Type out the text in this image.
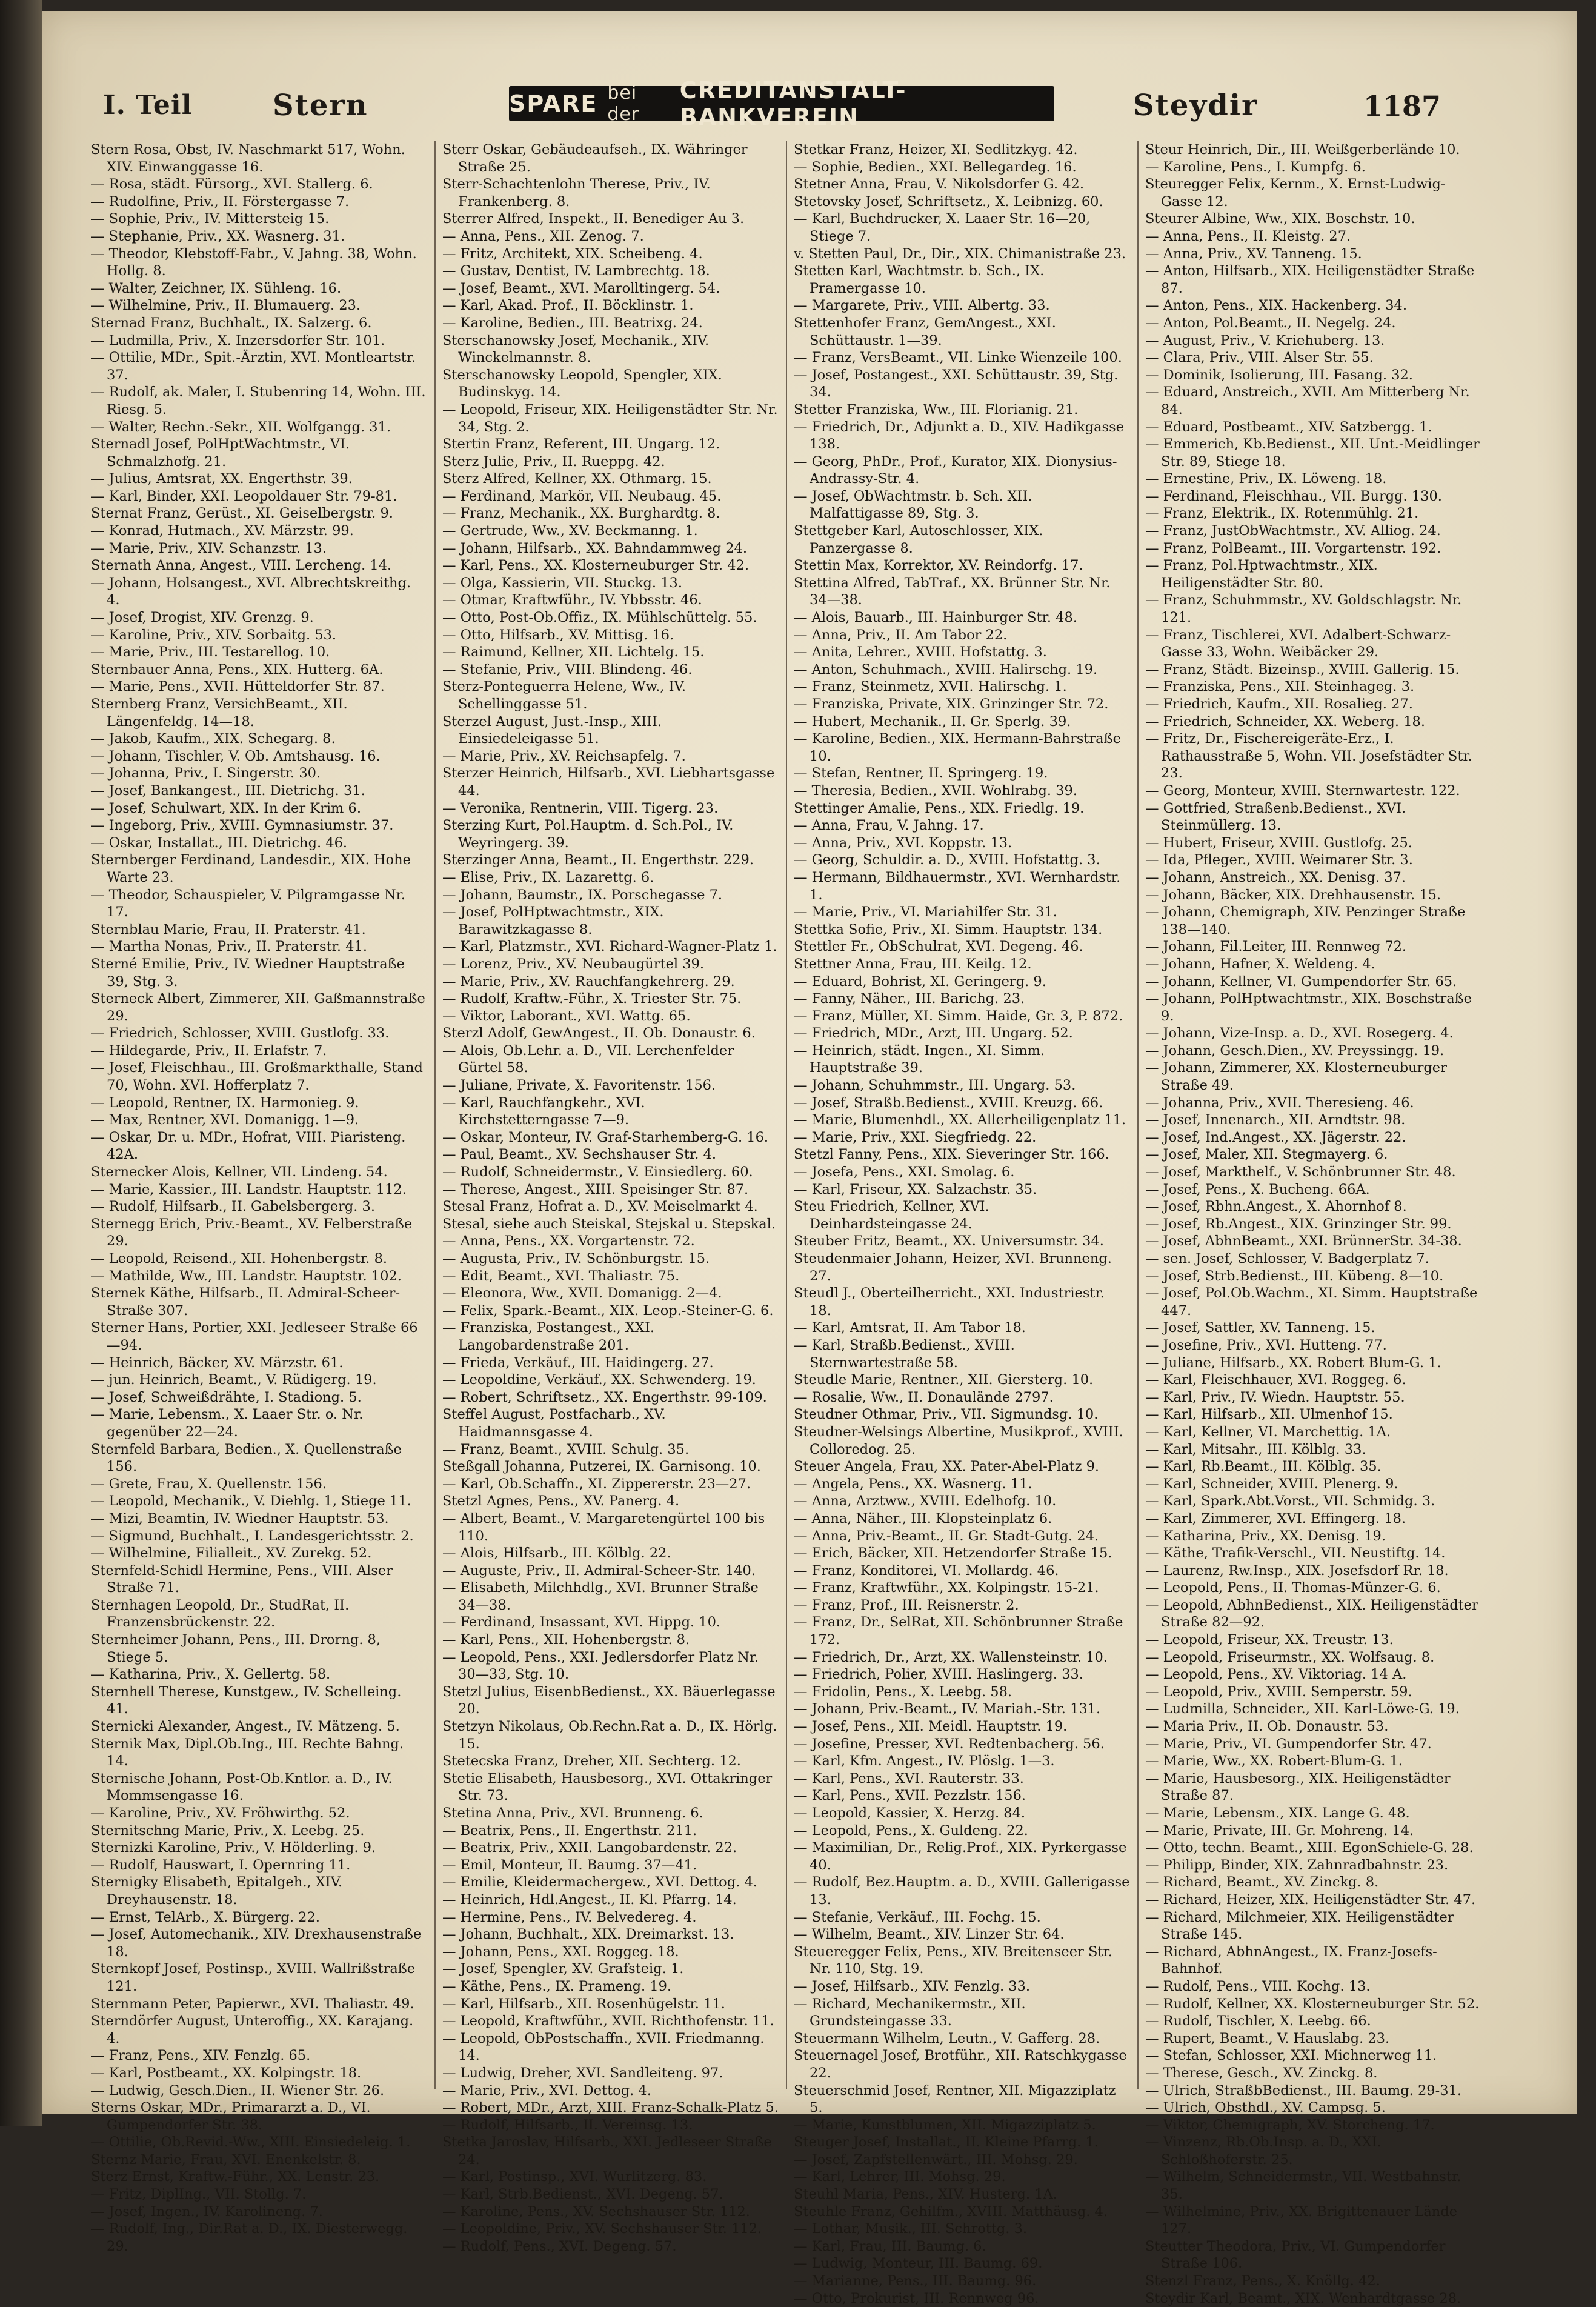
I. Teil	Stern	SPARE bei der
CREDITANSTALT-BANKVEREIN	Steydir	1187

Stern Rosa, Obst, IV. Naschmarkt 517, Wohn. XIV. Einwanggasse 16.

— Rosa, städt. Fürsorg., XVI. Stallerg. 6.

— Rudolfine, Priv., II. Förstergasse 7.

— Sophie, Priv., IV. Mittersteig 15.

— Stephanie, Priv., XX. Wasnerg. 31.

— Theodor, Klebstoff-Fabr., V. Jahng. 38, Wohn. Hollg. 8.

— Walter, Zeichner, IX. Sühleng. 16.

— Wilhelmine, Priv., II. Blumauerg. 23.

Sternad Franz, Buchhalt., IX. Salzerg. 6.

— Ludmilla, Priv., X. Inzersdorfer Str. 101.

— Ottilie, MDr., Spit.-Ärztin, XVI. Montleartstr. 37.

— Rudolf, ak. Maler, I. Stubenring 14, Wohn. III. Riesg. 5.

— Walter, Rechn.-Sekr., XII. Wolfgangg. 31.

Sternadl Josef, PolHptWachtmstr., VI. Schmalzhofg. 21.

— Julius, Amtsrat, XX. Engerthstr. 39.

— Karl, Binder, XXI. Leopoldauer Str. 79-81.

Sternat Franz, Gerüst., XI. Geiselbergstr. 9.

— Konrad, Hutmach., XV. Märzstr. 99.

— Marie, Priv., XIV. Schanzstr. 13.

Sternath Anna, Angest., VIII. Lercheng. 14.

— Johann, Holsangest., XVI. Albrechtskreithg. 4.

— Josef, Drogist, XIV. Grenzg. 9.

— Karoline, Priv., XIV. Sorbaitg. 53.

— Marie, Priv., III. Testarellog. 10.

Sternbauer Anna, Pens., XIX. Hutterg. 6A.

— Marie, Pens., XVII. Hütteldorfer Str. 87.

Sternberg Franz, VersichBeamt., XII. Längenfeldg. 14—18.

— Jakob, Kaufm., XIX. Schegarg. 8.

— Johann, Tischler, V. Ob. Amtshausg. 16.

— Johanna, Priv., I. Singerstr. 30.

— Josef, Bankangest., III. Dietrichg. 31.

— Josef, Schulwart, XIX. In der Krim 6.

— Ingeborg, Priv., XVIII. Gymnasiumstr. 37.

— Oskar, Installat., III. Dietrichg. 46.

Sternberger Ferdinand, Landesdir., XIX. Hohe Warte 23.

— Theodor, Schauspieler, V. Pilgramgasse Nr. 17.

Sternblau Marie, Frau, II. Praterstr. 41.

— Martha Nonas, Priv., II. Praterstr. 41.

Sterné Emilie, Priv., IV. Wiedner Hauptstraße 39, Stg. 3.

Sterneck Albert, Zimmerer, XII. Gaßmannstraße 29.

— Friedrich, Schlosser, XVIII. Gustlofg. 33.

— Hildegarde, Priv., II. Erlafstr. 7.

— Josef, Fleischhau., III. Großmarkthalle, Stand 70, Wohn. XVI. Hofferplatz 7.

— Leopold, Rentner, IX. Harmonieg. 9.

— Max, Rentner, XVI. Domanigg. 1—9.

— Oskar, Dr. u. MDr., Hofrat, VIII. Piaristeng. 42A.

Sternecker Alois, Kellner, VII. Lindeng. 54.

— Marie, Kassier., III. Landstr. Hauptstr. 112.

— Rudolf, Hilfsarb., II. Gabelsbergerg. 3.

Sternegg Erich, Priv.-Beamt., XV. Felberstraße 29.

— Leopold, Reisend., XII. Hohenbergstr. 8.

— Mathilde, Ww., III. Landstr. Hauptstr. 102.

Sternek Käthe, Hilfsarb., II. Admiral-Scheer-Straße 307.

Sterner Hans, Portier, XXI. Jedleseer Straße 66—94.

— Heinrich, Bäcker, XV. Märzstr. 61.

— jun. Heinrich, Beamt., V. Rüdigerg. 19.

— Josef, Schweißdrähte, I. Stadiong. 5.

— Marie, Lebensm., X. Laaer Str. o. Nr. gegenüber 22—24.

Sternfeld Barbara, Bedien., X. Quellenstraße 156.

— Grete, Frau, X. Quellenstr. 156.

— Leopold, Mechanik., V. Diehlg. 1, Stiege 11.

— Mizi, Beamtin, IV. Wiedner Hauptstr. 53.

— Sigmund, Buchhalt., I. Landesgerichtsstr. 2.

— Wilhelmine, Filialleit., XV. Zurekg. 52.

Sternfeld-Schidl Hermine, Pens., VIII. Alser Straße 71.

Sternhagen Leopold, Dr., StudRat, II. Franzensbrückenstr. 22.

Sternheimer Johann, Pens., III. Drorng. 8, Stiege 5.

— Katharina, Priv., X. Gellertg. 58.

Sternhell Therese, Kunstgew., IV. Schelleing. 41.

Sternicki Alexander, Angest., IV. Mätzeng. 5.

Sternik Max, Dipl.Ob.Ing., III. Rechte Bahng. 14.

Sternische Johann, Post-Ob.Kntlor. a. D., IV. Mommsengasse 16.

— Karoline, Priv., XV. Fröhwirthg. 52.

Sternitschng Marie, Priv., X. Leebg. 25.

Sternizki Karoline, Priv., V. Hölderling. 9.

— Rudolf, Hauswart, I. Opernring 11.

Sternigky Elisabeth, Epitalgeh., XIV. Dreyhausenstr. 18.

— Ernst, TelArb., X. Bürgerg. 22.

— Josef, Automechanik., XIV. Drexhausenstraße 18.

Sternkopf Josef, Postinsp., XVIII. Wallrißstraße 121.

Sternmann Peter, Papierwr., XVI. Thaliastr. 49.

Sterndörfer August, Unteroffig., XX. Karajang. 4.

— Franz, Pens., XIV. Fenzlg. 65.

— Karl, Postbeamt., XX. Kolpingstr. 18.

— Ludwig, Gesch.Dien., II. Wiener Str. 26.

Sterns Oskar, MDr., Primararzt a. D., VI. Gumpendorfer Str. 38.

— Ottilie, Ob.Revid.-Ww., XIII. Einsiedeleig. 1.

Sternz Marie, Frau, XVI. Enenkelstr. 8.

Sterz Ernst, Kraftw.-Führ., XX. Lenstr. 23.

— Fritz, DiplIng., VII. Stollg. 7.

— Josef, Ingen., IV. Karolineng. 7.

— Rudolf, Ing., Dir.Rat a. D., IX. Diesterwegg. 29.

Sterr Oskar, Gebäudeaufseh., IX. Währinger Straße 25.

Sterr-Schachtenlohn Therese, Priv., IV. Frankenberg. 8.

Sterrer Alfred, Inspekt., II. Benediger Au 3.

— Anna, Pens., XII. Zenog. 7.

— Fritz, Architekt, XIX. Scheibeng. 4.

— Gustav, Dentist, IV. Lambrechtg. 18.

— Josef, Beamt., XVI. Marolltingerg. 54.

— Karl, Akad. Prof., II. Böcklinstr. 1.

— Karoline, Bedien., III. Beatrixg. 24.

Sterschanowsky Josef, Mechanik., XIV. Winckelmannstr. 8.

Sterschanowsky Leopold, Spengler, XIX. Budinskyg. 14.

— Leopold, Friseur, XIX. Heiligenstädter Str. Nr. 34, Stg. 2.

Stertin Franz, Referent, III. Ungarg. 12.

Sterz Julie, Priv., II. Rueppg. 42.

Sterz Alfred, Kellner, XX. Othmarg. 15.

— Ferdinand, Markör, VII. Neubaug. 45.

— Franz, Mechanik., XX. Burghardtg. 8.

— Gertrude, Ww., XV. Beckmanng. 1.

— Johann, Hilfsarb., XX. Bahndammweg 24.

— Karl, Pens., XX. Klosterneuburger Str. 42.

— Olga, Kassierin, VII. Stuckg. 13.

— Otmar, Kraftwführ., IV. Ybbsstr. 46.

— Otto, Post-Ob.Offiz., IX. Mühlschüttelg. 55.

— Otto, Hilfsarb., XV. Mittisg. 16.

— Raimund, Kellner, XII. Lichtelg. 15.

— Stefanie, Priv., VIII. Blindeng. 46.

Sterz-Ponteguerra Helene, Ww., IV. Schellinggasse 51.

Sterzel August, Just.-Insp., XIII. Einsiedeleigasse 51.

— Marie, Priv., XV. Reichsapfelg. 7.

Sterzer Heinrich, Hilfsarb., XVI. Liebhartsgasse 44.

— Veronika, Rentnerin, VIII. Tigerg. 23.

Sterzing Kurt, Pol.Hauptm. d. Sch.Pol., IV. Weyringerg. 39.

Sterzinger Anna, Beamt., II. Engerthstr. 229.

— Elise, Priv., IX. Lazarettg. 6.

— Johann, Baumstr., IX. Porschegasse 7.

— Josef, PolHptwachtmstr., XIX. Barawitzkagasse 8.

— Karl, Platzmstr., XVI. Richard-Wagner-Platz 1.

— Lorenz, Priv., XV. Neubaugürtel 39.

— Marie, Priv., XV. Rauchfangkehrerg. 29.

— Rudolf, Kraftw.-Führ., X. Triester Str. 75.

— Viktor, Laborant., XVI. Wattg. 65.

Sterzl Adolf, GewAngest., II. Ob. Donaustr. 6.

— Alois, Ob.Lehr. a. D., VII. Lerchenfelder Gürtel 58.

— Juliane, Private, X. Favoritenstr. 156.

— Karl, Rauchfangkehr., XVI. Kirchstetterngasse 7—9.

— Oskar, Monteur, IV. Graf-Starhemberg-G. 16.

— Paul, Beamt., XV. Sechshauser Str. 4.

— Rudolf, Schneidermstr., V. Einsiedlerg. 60.

— Therese, Angest., XIII. Speisinger Str. 87.

Stesal Franz, Hofrat a. D., XV. Meiselmarkt 4.

Stesal, siehe auch Steiskal, Stejskal u. Stepskal.

— Anna, Pens., XX. Vorgartenstr. 72.

— Augusta, Priv., IV. Schönburgstr. 15.

— Edit, Beamt., XVI. Thaliastr. 75.

— Eleonora, Ww., XVII. Domanigg. 2—4.

— Felix, Spark.-Beamt., XIX. Leop.-Steiner-G. 6.

— Franziska, Postangest., XXI. Langobardenstraße 201.

— Frieda, Verkäuf., III. Haidingerg. 27.

— Leopoldine, Verkäuf., XX. Schwenderg. 19.

— Robert, Schriftsetz., XX. Engerthstr. 99-109.

Steffel August, Postfacharb., XV. Haidmannsgasse 4.

— Franz, Beamt., XVIII. Schulg. 35.

Steßgall Johanna, Putzerei, IX. Garnisong. 10.

— Karl, Ob.Schaffn., XI. Zippererstr. 23—27.

Stetzl Agnes, Pens., XV. Panerg. 4.

— Albert, Beamt., V. Margaretengürtel 100 bis 110.

— Alois, Hilfsarb., III. Kölblg. 22.

— Auguste, Priv., II. Admiral-Scheer-Str. 140.

— Elisabeth, Milchhdlg., XVI. Brunner Straße 34—38.

— Ferdinand, Insassant, XVI. Hippg. 10.

— Karl, Pens., XII. Hohenbergstr. 8.

— Leopold, Pens., XXI. Jedlersdorfer Platz Nr. 30—33, Stg. 10.

Stetzl Julius, EisenbBedienst., XX. Bäuerlegasse 20.

Stetzyn Nikolaus, Ob.Rechn.Rat a. D., IX. Hörlg. 15.

Stetecska Franz, Dreher, XII. Sechterg. 12.

Stetie Elisabeth, Hausbesorg., XVI. Ottakringer Str. 73.

Stetina Anna, Priv., XVI. Brunneng. 6.

— Beatrix, Pens., II. Engerthstr. 211.

— Beatrix, Priv., XXII. Langobardenstr. 22.

— Emil, Monteur, II. Baumg. 37—41.

— Emilie, Kleidermachergew., XVI. Dettog. 4.

— Heinrich, Hdl.Angest., II. Kl. Pfarrg. 14.

— Hermine, Pens., IV. Belvedereg. 4.

— Johann, Buchhalt., XIX. Dreimarkst. 13.

— Johann, Pens., XXI. Roggeg. 18.

— Josef, Spengler, XV. Grafsteig. 1.

— Käthe, Pens., IX. Prameng. 19.

— Karl, Hilfsarb., XII. Rosenhügelstr. 11.

— Leopold, Kraftwführ., XVII. Richthofenstr. 11.

— Leopold, ObPostschaffn., XVII. Friedmanng. 14.

— Ludwig, Dreher, XVI. Sandleiteng. 97.

— Marie, Priv., XVI. Dettog. 4.

— Robert, MDr., Arzt, XIII. Franz-Schalk-Platz 5.

— Rudolf, Hilfsarb., II. Vereinsg. 13.

Stetka Jaroslav, Hilfsarb., XXI. Jedleseer Straße 24.

— Karl, Postinsp., XVI. Wurlitzerg. 83.

— Karl, Strb.Bedienst., XVI. Degeng. 57.

— Karoline, Pens., XV. Sechshauser Str. 112.

— Leopoldine, Priv., XV. Sechshauser Str. 112.

— Rudolf, Pens., XVI. Degeng. 57.

Stetkar Franz, Heizer, XI. Sedlitzkyg. 42.

— Sophie, Bedien., XXI. Bellegardeg. 16.

Stetner Anna, Frau, V. Nikolsdorfer G. 42.

Stetovsky Josef, Schriftsetz., X. Leibnizg. 60.

— Karl, Buchdrucker, X. Laaer Str. 16—20, Stiege 7.

v. Stetten Paul, Dr., Dir., XIX. Chimanistraße 23.

Stetten Karl, Wachtmstr. b. Sch., IX. Pramergasse 10.

— Margarete, Priv., VIII. Albertg. 33.

Stettenhofer Franz, GemAngest., XXI. Schüttaustr. 1—39.

— Franz, VersBeamt., VII. Linke Wienzeile 100.

— Josef, Postangest., XXI. Schüttaustr. 39, Stg. 34.

Stetter Franziska, Ww., III. Florianig. 21.

— Friedrich, Dr., Adjunkt a. D., XIV. Hadikgasse 138.

— Georg, PhDr., Prof., Kurator, XIX. Dionysius-Andrassy-Str. 4.

— Josef, ObWachtmstr. b. Sch. XII. Malfattigasse 89, Stg. 3.

Stettgeber Karl, Autoschlosser, XIX. Panzergasse 8.

Stettin Max, Korrektor, XV. Reindorfg. 17.

Stettina Alfred, TabTraf., XX. Brünner Str. Nr. 34—38.

— Alois, Bauarb., III. Hainburger Str. 48.

— Anna, Priv., II. Am Tabor 22.

— Anita, Lehrer., XVIII. Hofstattg. 3.

— Anton, Schuhmach., XVIII. Halirschg. 19.

— Franz, Steinmetz, XVII. Halirschg. 1.

— Franziska, Private, XIX. Grinzinger Str. 72.

— Hubert, Mechanik., II. Gr. Sperlg. 39.

— Karoline, Bedien., XIX. Hermann-Bahrstraße 10.

— Stefan, Rentner, II. Springerg. 19.

— Theresia, Bedien., XVII. Wohlrabg. 39.

Stettinger Amalie, Pens., XIX. Friedlg. 19.

— Anna, Frau, V. Jahng. 17.

— Anna, Priv., XVI. Koppstr. 13.

— Georg, Schuldir. a. D., XVIII. Hofstattg. 3.

— Hermann, Bildhauermstr., XVI. Wernhardstr. 1.

— Marie, Priv., VI. Mariahilfer Str. 31.

Stettka Sofie, Priv., XI. Simm. Hauptstr. 134.

Stettler Fr., ObSchulrat, XVI. Degeng. 46.

Stettner Anna, Frau, III. Keilg. 12.

— Eduard, Bohrist, XI. Geringerg. 9.

— Fanny, Näher., III. Barichg. 23.

— Franz, Müller, XI. Simm. Haide, Gr. 3, P. 872.

— Friedrich, MDr., Arzt, III. Ungarg. 52.

— Heinrich, städt. Ingen., XI. Simm. Hauptstraße 39.

— Johann, Schuhmmstr., III. Ungarg. 53.

— Josef, Straßb.Bedienst., XVIII. Kreuzg. 66.

— Marie, Blumenhdl., XX. Allerheiligenplatz 11.

— Marie, Priv., XXI. Siegfriedg. 22.

Stetzl Fanny, Pens., XIX. Sieveringer Str. 166.

— Josefa, Pens., XXI. Smolag. 6.

— Karl, Friseur, XX. Salzachstr. 35.

Steu Friedrich, Kellner, XVI. Deinhardsteingasse 24.

Steuber Fritz, Beamt., XX. Universumstr. 34.

Steudenmaier Johann, Heizer, XVI. Brunneng. 27.

Steudl J., Oberteilherricht., XXI. Industriestr. 18.

— Karl, Amtsrat, II. Am Tabor 18.

— Karl, Straßb.Bedienst., XVIII. Sternwartestraße 58.

Steudle Marie, Rentner., XII. Giersterg. 10.

— Rosalie, Ww., II. Donaulände 2797.

Steudner Othmar, Priv., VII. Sigmundsg. 10.

Steudner-Welsings Albertine, Musikprof., XVIII. Colloredog. 25.

Steuer Angela, Frau, XX. Pater-Abel-Platz 9.

— Angela, Pens., XX. Wasnerg. 11.

— Anna, Arztww., XVIII. Edelhofg. 10.

— Anna, Näher., III. Klopsteinplatz 6.

— Anna, Priv.-Beamt., II. Gr. Stadt-Gutg. 24.

— Erich, Bäcker, XII. Hetzendorfer Straße 15.

— Franz, Konditorei, VI. Mollardg. 46.

— Franz, Kraftwführ., XX. Kolpingstr. 15-21.

— Franz, Prof., III. Reisnerstr. 2.

— Franz, Dr., SelRat, XII. Schönbrunner Straße 172.

— Friedrich, Dr., Arzt, XX. Wallensteinstr. 10.

— Friedrich, Polier, XVIII. Haslingerg. 33.

— Fridolin, Pens., X. Leebg. 58.

— Johann, Priv.-Beamt., IV. Mariah.-Str. 131.

— Josef, Pens., XII. Meidl. Hauptstr. 19.

— Josefine, Presser, XVI. Redtenbacherg. 56.

— Karl, Kfm. Angest., IV. Plöslg. 1—3.

— Karl, Pens., XVI. Rauterstr. 33.

— Karl, Pens., XVII. Pezzlstr. 156.

— Leopold, Kassier, X. Herzg. 84.

— Leopold, Pens., X. Guldeng. 22.

— Maximilian, Dr., Relig.Prof., XIX. Pyrkergasse 40.

— Rudolf, Bez.Hauptm. a. D., XVIII. Gallerigasse 13.

— Stefanie, Verkäuf., III. Fochg. 15.

— Wilhelm, Beamt., XIV. Linzer Str. 64.

Steueregger Felix, Pens., XIV. Breitenseer Str. Nr. 110, Stg. 19.

— Josef, Hilfsarb., XIV. Fenzlg. 33.

— Richard, Mechanikermstr., XII. Grundsteingasse 33.

Steuermann Wilhelm, Leutn., V. Gafferg. 28.

Steuernagel Josef, Brotführ., XII. Ratschkygasse 22.

Steuerschmid Josef, Rentner, XII. Migazziplatz 5.

— Marie, Kunstblumen, XII. Migazziplatz 5.

Steuger Josef, Installat., II. Kleine Pfarrg. 1.

— Josef, Zapfstellenwärt., III. Mohsg. 29.

— Karl, Lehrer, III. Mohsg. 29.

Steuhl Maria, Pens., XIV. Husterg. 1A.

Steuhle Franz, Gehilfm., XVIII. Matthäusg. 4.

— Lothar, Musik., III. Schrottg. 3.

— Karl, Frau, III. Baumg. 6.

— Ludwig, Monteur, III. Baumg. 69.

— Marianne, Pens., III. Baumg. 96.

— Otto, Prokurist, III. Rennweg 96.

Steur Heinrich, Dir., III. Weißgerberlände 10.

— Karoline, Pens., I. Kumpfg. 6.

Steuregger Felix, Kernm., X. Ernst-Ludwig-Gasse 12.

Steurer Albine, Ww., XIX. Boschstr. 10.

— Anna, Pens., II. Kleistg. 27.

— Anna, Priv., XV. Tanneng. 15.

— Anton, Hilfsarb., XIX. Heiligenstädter Straße 87.

— Anton, Pens., XIX. Hackenberg. 34.

— Anton, Pol.Beamt., II. Negelg. 24.

— August, Priv., V. Kriehuberg. 13.

— Clara, Priv., VIII. Alser Str. 55.

— Dominik, Isolierung, III. Fasang. 32.

— Eduard, Anstreich., XVII. Am Mitterberg Nr. 84.

— Eduard, Postbeamt., XIV. Satzbergg. 1.

— Emmerich, Kb.Bedienst., XII. Unt.-Meidlinger Str. 89, Stiege 18.

— Ernestine, Priv., IX. Löweng. 18.

— Ferdinand, Fleischhau., VII. Burgg. 130.

— Franz, Elektrik., IX. Rotenmühlg. 21.

— Franz, JustObWachtmstr., XV. Alliog. 24.

— Franz, PolBeamt., III. Vorgartenstr. 192.

— Franz, Pol.Hptwachtmstr., XIX. Heiligenstädter Str. 80.

— Franz, Schuhmmstr., XV. Goldschlagstr. Nr. 121.

— Franz, Tischlerei, XVI. Adalbert-Schwarz-Gasse 33, Wohn. Weibäcker 29.

— Franz, Städt. Bizeinsp., XVIII. Gallerig. 15.

— Franziska, Pens., XII. Steinhageg. 3.

— Friedrich, Kaufm., XII. Rosalieg. 27.

— Friedrich, Schneider, XX. Weberg. 18.

— Fritz, Dr., Fischereigeräte-Erz., I. Rathausstraße 5, Wohn. VII. Josefstädter Str. 23.

— Georg, Monteur, XVIII. Sternwartestr. 122.

— Gottfried, Straßenb.Bedienst., XVI. Steinmüllerg. 13.

— Hubert, Friseur, XVIII. Gustlofg. 25.

— Ida, Pfleger., XVIII. Weimarer Str. 3.

— Johann, Anstreich., XX. Denisg. 37.

— Johann, Bäcker, XIX. Drehhausenstr. 15.

— Johann, Chemigraph, XIV. Penzinger Straße 138—140.

— Johann, Fil.Leiter, III. Rennweg 72.

— Johann, Hafner, X. Weldeng. 4.

— Johann, Kellner, VI. Gumpendorfer Str. 65.

— Johann, PolHptwachtmstr., XIX. Boschstraße 9.

— Johann, Vize-Insp. a. D., XVI. Rosegerg. 4.

— Johann, Gesch.Dien., XV. Preyssingg. 19.

— Johann, Zimmerer, XX. Klosterneuburger Straße 49.

— Johanna, Priv., XVII. Theresieng. 46.

— Josef, Innenarch., XII. Arndtstr. 98.

— Josef, Ind.Angest., XX. Jägerstr. 22.

— Josef, Maler, XII. Stegmayerg. 6.

— Josef, Markthelf., V. Schönbrunner Str. 48.

— Josef, Pens., X. Bucheng. 66A.

— Josef, Rbhn.Angest., X. Ahornhof 8.

— Josef, Rb.Angest., XIX. Grinzinger Str. 99.

— Josef, AbhnBeamt., XXI. BrünnerStr. 34-38.

— sen. Josef, Schlosser, V. Badgerplatz 7.

— Josef, Strb.Bedienst., III. Kübeng. 8—10.

— Josef, Pol.Ob.Wachm., XI. Simm. Hauptstraße 447.

— Josef, Sattler, XV. Tanneng. 15.

— Josefine, Priv., XVI. Hutteng. 77.

— Juliane, Hilfsarb., XX. Robert Blum-G. 1.

— Karl, Fleischhauer, XVI. Roggeg. 6.

— Karl, Priv., IV. Wiedn. Hauptstr. 55.

— Karl, Hilfsarb., XII. Ulmenhof 15.

— Karl, Kellner, VI. Marchettig. 1A.

— Karl, Mitsahr., III. Kölblg. 33.

— Karl, Rb.Beamt., III. Kölblg. 35.

— Karl, Schneider, XVIII. Plenerg. 9.

— Karl, Spark.Abt.Vorst., VII. Schmidg. 3.

— Karl, Zimmerer, XVI. Effingerg. 18.

— Katharina, Priv., XX. Denisg. 19.

— Käthe, Trafik-Verschl., VII. Neustiftg. 14.

— Laurenz, Rw.Insp., XIX. Josefsdorf Rr. 18.

— Leopold, Pens., II. Thomas-Münzer-G. 6.

— Leopold, AbhnBedienst., XIX. Heiligenstädter Straße 82—92.

— Leopold, Friseur, XX. Treustr. 13.

— Leopold, Friseurmstr., XX. Wolfsaug. 8.

— Leopold, Pens., XV. Viktoriag. 14 A.

— Leopold, Priv., XVIII. Semperstr. 59.

— Ludmilla, Schneider., XII. Karl-Löwe-G. 19.

— Maria Priv., II. Ob. Donaustr. 53.

— Marie, Priv., VI. Gumpendorfer Str. 47.

— Marie, Ww., XX. Robert-Blum-G. 1.

— Marie, Hausbesorg., XIX. Heiligenstädter Straße 87.

— Marie, Lebensm., XIX. Lange G. 48.

— Marie, Private, III. Gr. Mohreng. 14.

— Otto, techn. Beamt., XIII. EgonSchiele-G. 28.

— Philipp, Binder, XIX. Zahnradbahnstr. 23.

— Richard, Beamt., XV. Zinckg. 8.

— Richard, Heizer, XIX. Heiligenstädter Str. 47.

— Richard, Milchmeier, XIX. Heiligenstädter Straße 145.

— Richard, AbhnAngest., IX. Franz-Josefs-Bahnhof.

— Rudolf, Pens., VIII. Kochg. 13.

— Rudolf, Kellner, XX. Klosterneuburger Str. 52.

— Rudolf, Tischler, X. Leebg. 66.

— Rupert, Beamt., V. Hauslabg. 23.

— Stefan, Schlosser, XXI. Michnerweg 11.

— Therese, Gesch., XV. Zinckg. 8.

— Ulrich, StraßbBedienst., III. Baumg. 29-31.

— Ulrich, Obsthdl., XV. Campsg. 5.

— Viktor, Chemigraph, XV. Storcheng. 17.

— Vinzenz, Rb.Ob.Insp. a. D., XXI. Schloßhoferstr. 25.

— Wilhelm, Schneidermstr., VII. Westbahnstr. 35.

— Wilhelmine, Priv., XX. Brigittenauer Lände 127.

Steutter Theodora, Priv., VI. Gumpendorfer Straße 106.

Stenzl Franz, Pens., X. Knöllg. 42.

Steydir Karl, Beamt., XIX. Wenhardtgasse 28.
